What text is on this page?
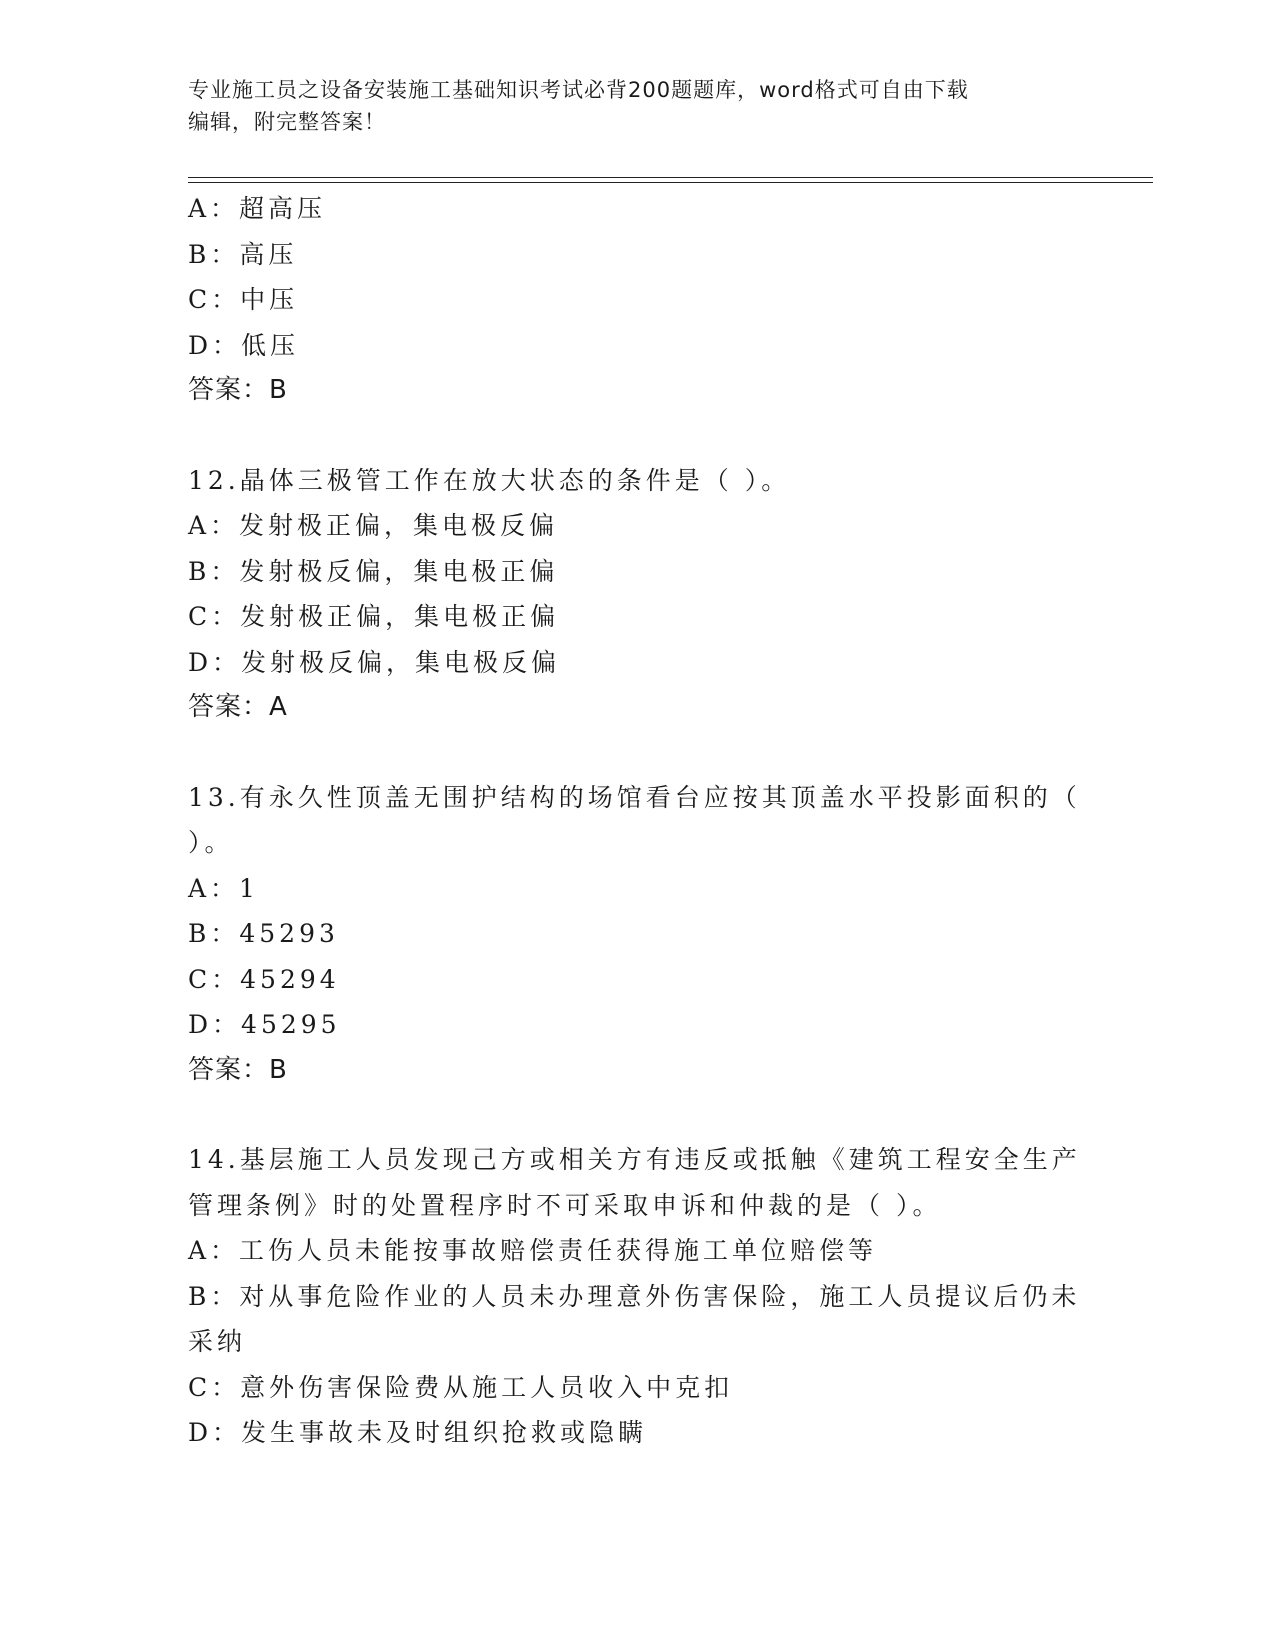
专业施工员之设备安装施工基础知识考试必背200题题库，word格式可自由下载
编辑，附完整答案！
A：超高压
B：高压
C：中压
D：低压
答案：B
12.晶体三极管工作在放大状态的条件是（ ）。
A：发射极正偏，集电极反偏
B：发射极反偏，集电极正偏
C：发射极正偏，集电极正偏
D：发射极反偏，集电极反偏
答案：A
13.有永久性顶盖无围护结构的场馆看台应按其顶盖水平投影面积的（
）。
A：1
B：45293
C：45294
D：45295
答案：B
14.基层施工人员发现己方或相关方有违反或抵触《建筑工程安全生产
管理条例》时的处置程序时不可采取申诉和仲裁的是（ ）。
A：工伤人员未能按事故赔偿责任获得施工单位赔偿等
B：对从事危险作业的人员未办理意外伤害保险，施工人员提议后仍未
采纳
C：意外伤害保险费从施工人员收入中克扣
D：发生事故未及时组织抢救或隐瞒
